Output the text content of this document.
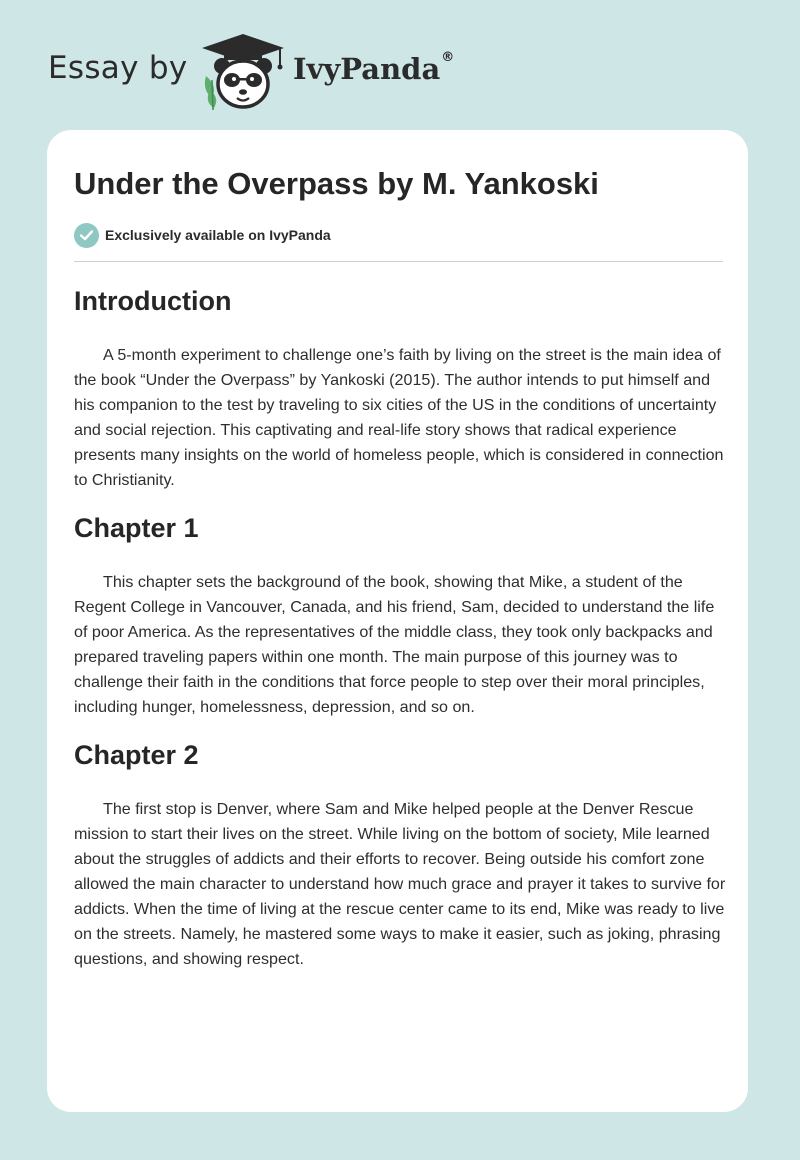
Essay by	IvyPanda®
Under the Overpass by M. Yankoski
Exclusively available on IvyPanda
Introduction

A 5-month experiment to challenge one’s faith by living on the street is the main idea of the book “Under the Overpass” by Yankoski (2015). The author intends to put himself and his companion to the test by traveling to six cities of the US in the conditions of uncertainty and social rejection. This captivating and real-life story shows that radical experience presents many insights on the world of homeless people, which is considered in connection to Christianity.

Chapter 1

This chapter sets the background of the book, showing that Mike, a student of the Regent College in Vancouver, Canada, and his friend, Sam, decided to understand the life of poor America. As the representatives of the middle class, they took only backpacks and prepared traveling papers within one month. The main purpose of this journey was to challenge their faith in the conditions that force people to step over their moral principles, including hunger, homelessness, depression, and so on.

Chapter 2

The first stop is Denver, where Sam and Mike helped people at the Denver Rescue mission to start their lives on the street. While living on the bottom of society, Mile learned about the struggles of addicts and their efforts to recover. Being outside his comfort zone allowed the main character to understand how much grace and prayer it takes to survive for addicts. When the time of living at the rescue center came to its end, Mike was ready to live on the streets. Namely, he mastered some ways to make it easier, such as joking, phrasing questions, and showing respect.
